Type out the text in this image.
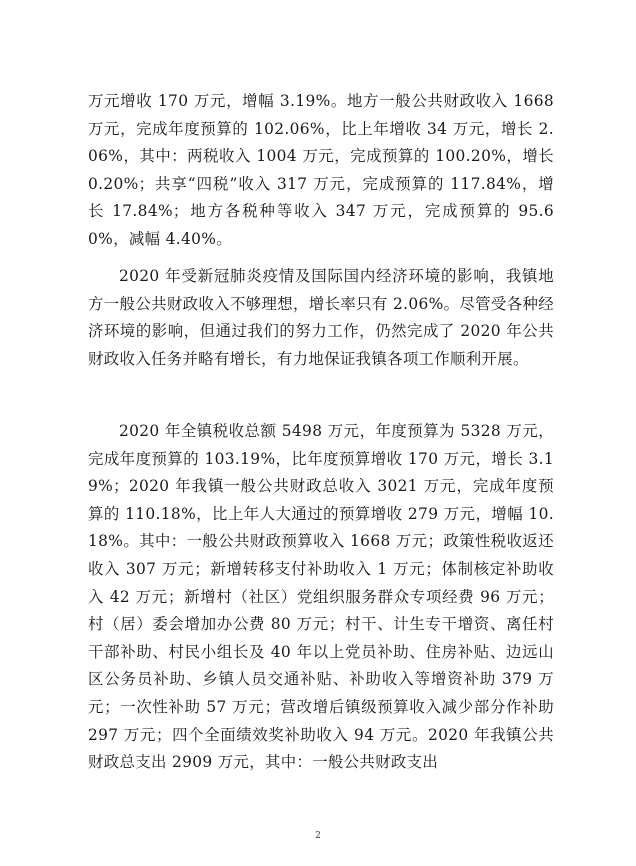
万元增收 170 万元，增幅 3.19%。地方一般公共财政收入 1668 万元，完成年度预算的 102.06%，比上年增收 34 万元，增长 2.06%，其中：两税收入 1004 万元，完成预算的 100.20%，增长 0.20%；共享“四税”收入 317 万元，完成预算的 117.84%，增长 17.84%；地方各税种等收入 347 万元，完成预算的 95.60%，减幅 4.40%。

2020 年受新冠肺炎疫情及国际国内经济环境的影响，我镇地方一般公共财政收入不够理想，增长率只有 2.06%。尽管受各种经济环境的影响，但通过我们的努力工作，仍然完成了 2020 年公共财政收入任务并略有增长，有力地保证我镇各项工作顺利开展。

2020 年全镇税收总额 5498 万元，年度预算为 5328 万元，完成年度预算的 103.19%，比年度预算增收 170 万元，增长 3.19%；2020 年我镇一般公共财政总收入 3021 万元，完成年度预算的 110.18%，比上年人大通过的预算增收 279 万元，增幅 10.18%。其中：一般公共财政预算收入 1668 万元；政策性税收返还收入 307 万元；新增转移支付补助收入 1 万元；体制核定补助收入 42 万元；新增村（社区）党组织服务群众专项经费 96 万元；村（居）委会增加办公费 80 万元；村干、计生专干增资、离任村干部补助、村民小组长及 40 年以上党员补助、住房补贴、边远山区公务员补助、乡镇人员交通补贴、补助收入等增资补助 379 万元；一次性补助 57 万元；营改增后镇级预算收入减少部分作补助 297 万元；四个全面绩效奖补助收入 94 万元。2020 年我镇公共财政总支出 2909 万元，其中：一般公共财政支出

2
